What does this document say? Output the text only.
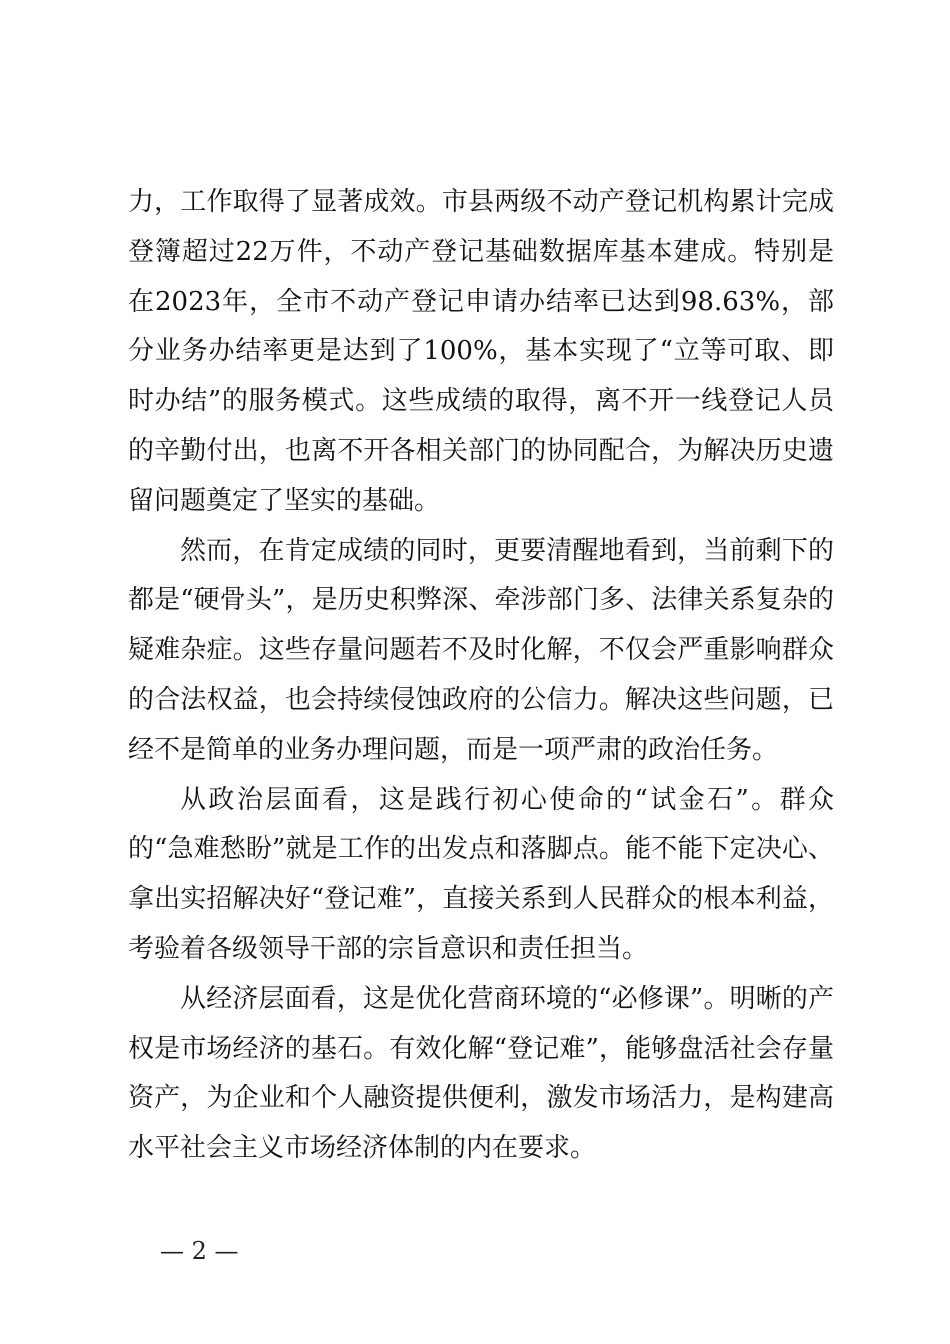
力，工作取得了显著成效。市县两级不动产登记机构累计完成登簿超过22万件，不动产登记基础数据库基本建成。特别是在2023年，全市不动产登记申请办结率已达到98.63%，部分业务办结率更是达到了100%，基本实现了“立等可取、即时办结”的服务模式。这些成绩的取得，离不开一线登记人员的辛勤付出，也离不开各相关部门的协同配合，为解决历史遗留问题奠定了坚实的基础。

然而，在肯定成绩的同时，更要清醒地看到，当前剩下的都是“硬骨头”，是历史积弊深、牵涉部门多、法律关系复杂的疑难杂症。这些存量问题若不及时化解，不仅会严重影响群众的合法权益，也会持续侵蚀政府的公信力。解决这些问题，已经不是简单的业务办理问题，而是一项严肃的政治任务。

从政治层面看，这是践行初心使命的“试金石”。群众的“急难愁盼”就是工作的出发点和落脚点。能不能下定决心、拿出实招解决好“登记难”，直接关系到人民群众的根本利益，考验着各级领导干部的宗旨意识和责任担当。

从经济层面看，这是优化营商环境的“必修课”。明晰的产权是市场经济的基石。有效化解“登记难”，能够盘活社会存量资产，为企业和个人融资提供便利，激发市场活力，是构建高水平社会主义市场经济体制的内在要求。

— 2 —
